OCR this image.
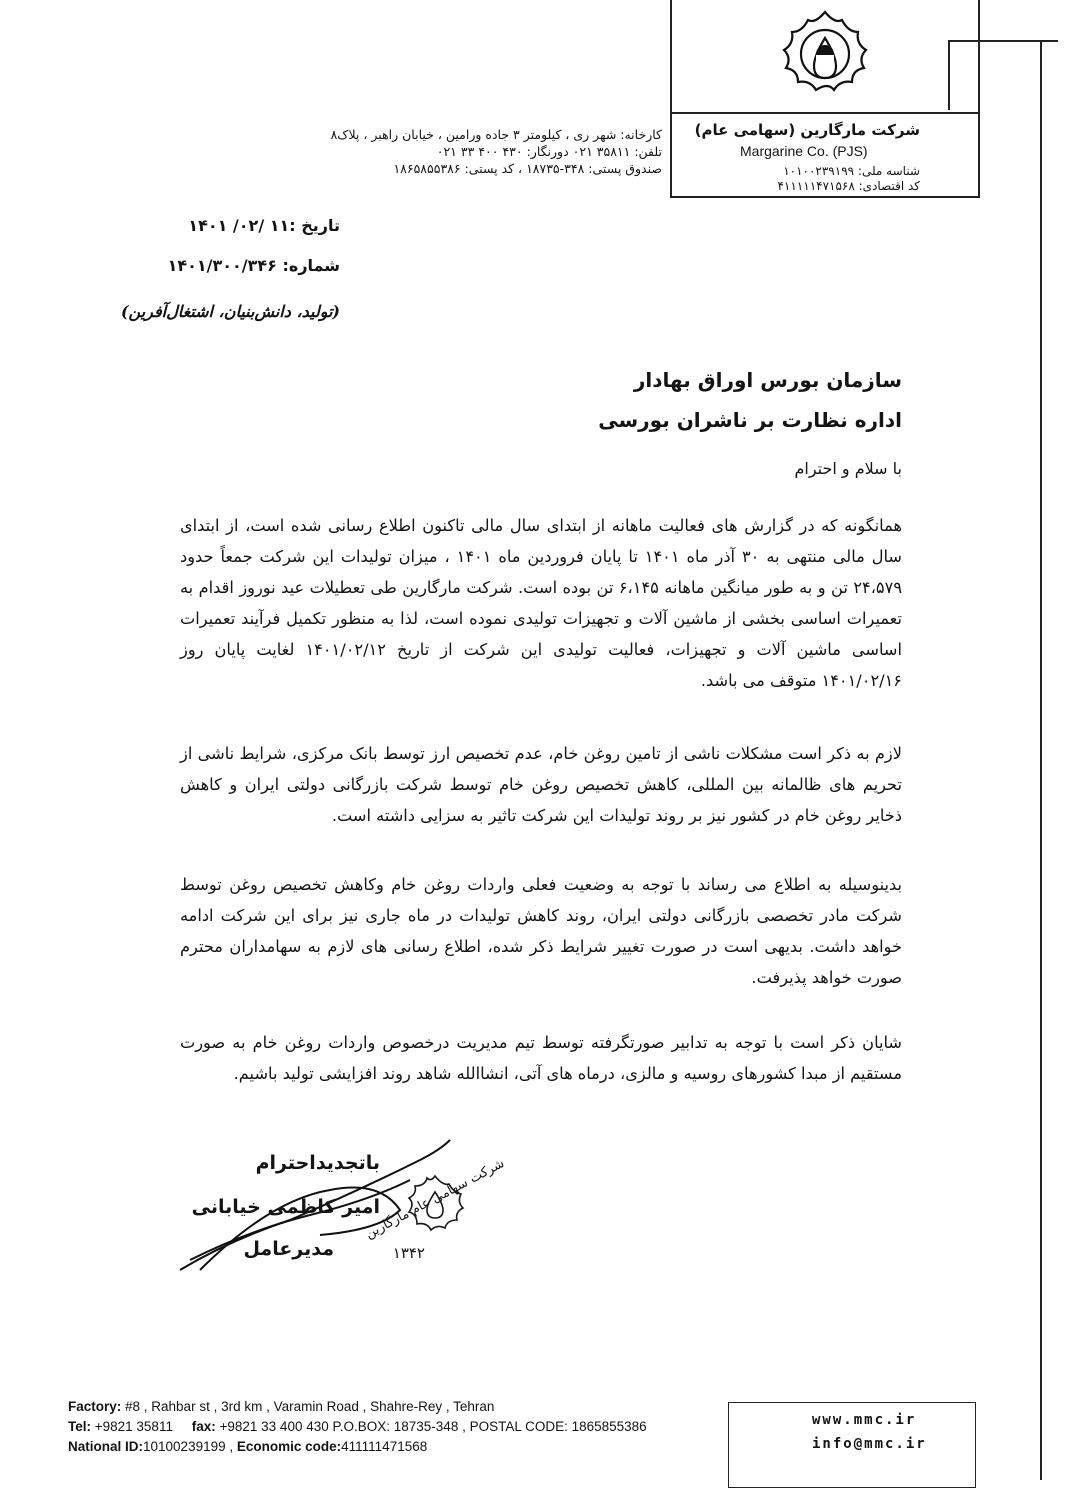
شرکت مارگارین (سهامی عام)
Margarine Co. (PJS)
شناسه ملی: ۱۰۱۰۰۲۳۹۱۹۹
کد اقتصادی: ۴۱۱۱۱۱۴۷۱۵۶۸
کارخانه: شهر ری ، کیلومتر ۳ جاده ورامین ، خیابان راهبر ، پلاک۸
تلفن: ۳۵۸۱۱ ۰۲۱ دورنگار: ۴۳۰ ۴۰۰ ۳۳ ۰۲۱
صندوق پستی: ۳۴۸-۱۸۷۳۵ ، کد پستی: ۱۸۶۵۸۵۵۳۸۶
تاریخ :۱۱ /۰۲/ ۱۴۰۱
شماره: ۱۴۰۱/۳۰۰/۳۴۶
(تولید، دانش‌بنیان، اشتغال‌آفرین)
سازمان بورس اوراق بهادار
اداره نظارت بر ناشران بورسی
با سلام و احترام
همانگونه که در گزارش های فعالیت ماهانه از ابتدای سال مالی تاکنون اطلاع رسانی شده است، از ابتدای سال مالی منتهی به ۳۰ آذر ماه ۱۴۰۱ تا پایان فروردین ماه ۱۴۰۱ ، میزان تولیدات این شرکت جمعاً حدود ۲۴،۵۷۹ تن و به طور میانگین ماهانه ۶،۱۴۵ تن بوده است. شرکت مارگارین طی تعطیلات عید نوروز اقدام به تعمیرات اساسی بخشی از ماشین آلات و تجهیزات تولیدی نموده است، لذا به منظور تکمیل فرآیند تعمیرات اساسی ماشین آلات و تجهیزات، فعالیت تولیدی این شرکت از تاریخ ۱۴۰۱/۰۲/۱۲ لغایت پایان روز ۱۴۰۱/۰۲/۱۶ متوقف می باشد.
لازم به ذکر است مشکلات ناشی از تامین روغن خام، عدم تخصیص ارز توسط بانک مرکزی، شرایط ناشی از تحریم های ظالمانه بین المللی، کاهش تخصیص روغن خام توسط شرکت بازرگانی دولتی ایران و کاهش ذخایر روغن خام در کشور نیز بر روند تولیدات این شرکت تاثیر به سزایی داشته است.
بدینوسیله به اطلاع می رساند با توجه به وضعیت فعلی واردات روغن خام وکاهش تخصیص روغن توسط شرکت مادر تخصصی بازرگانی دولتی ایران، روند کاهش تولیدات در ماه جاری نیز برای این شرکت ادامه خواهد داشت. بدیهی است در صورت تغییر شرایط ذکر شده، اطلاع رسانی های لازم به سهامداران محترم صورت خواهد پذیرفت.
شایان ذکر است با توجه به تدابیر صورتگرفته توسط تیم مدیریت درخصوص واردات روغن خام به صورت مستقیم از مبدا کشورهای روسیه و مالزی، درماه های آتی، انشاالله شاهد روند افزایشی تولید باشیم.
باتجدیداحترام
امیر کاظمی خیابانی
مدیرعامل
شرکت سهامی عام مارگارین
۱۳۴۲
Factory: #8 , Rahbar st , 3rd km , Varamin Road , Shahre-Rey , Tehran
Tel: +9821 35811 fax: +9821 33 400 430 P.O.BOX: 18735-348 , POSTAL CODE: 1865855386
National ID:10100239199 , Economic code:411111471568
www.mmc.ir
info@mmc.ir
